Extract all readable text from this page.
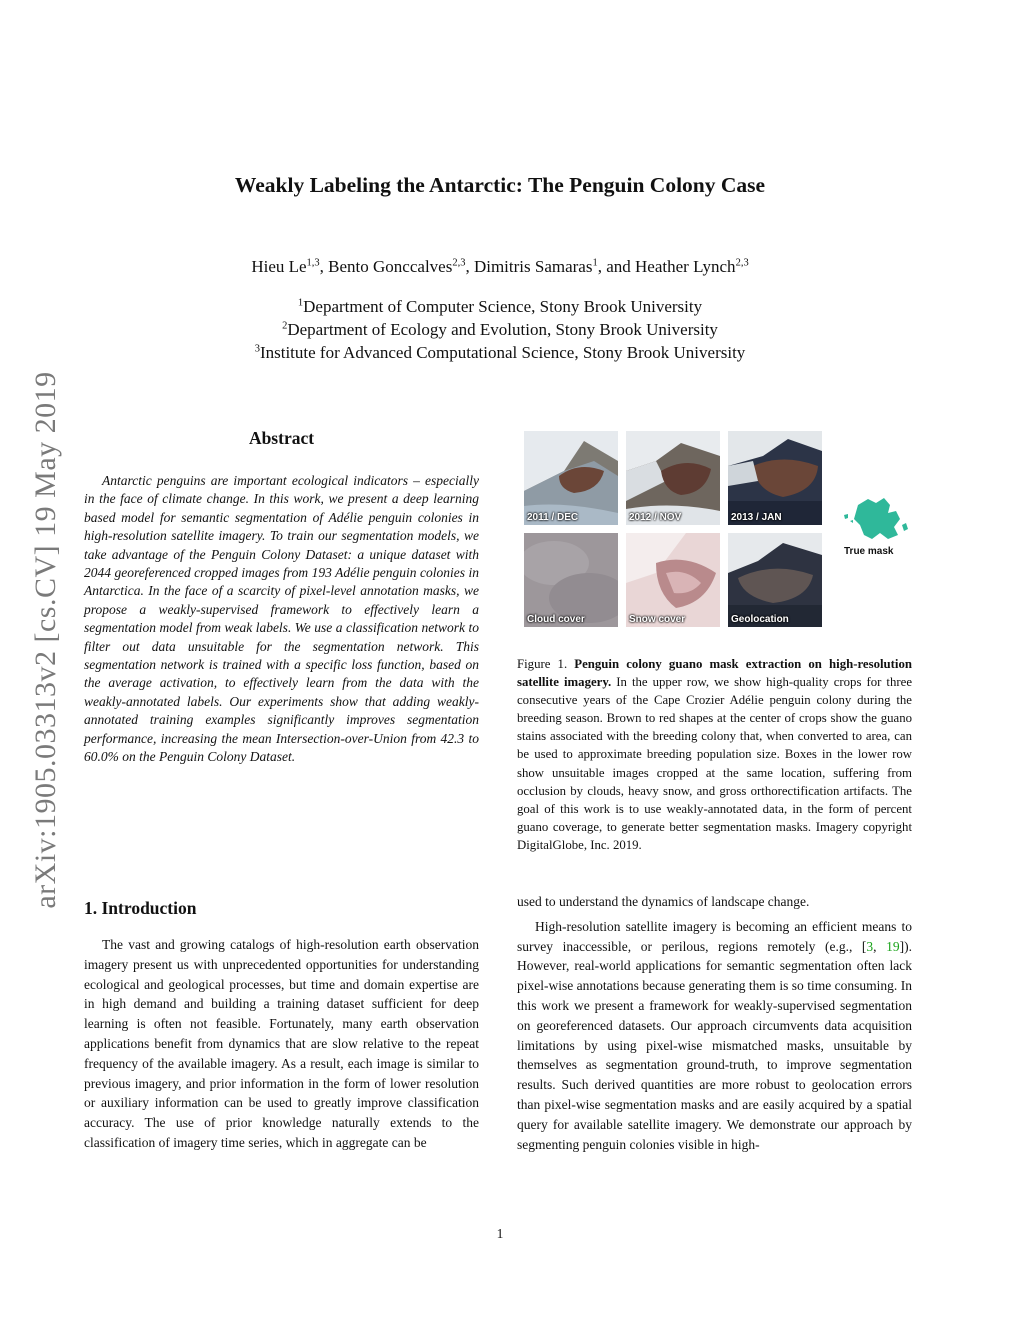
arXiv:1905.03313v2 [cs.CV] 19 May 2019
Weakly Labeling the Antarctic: The Penguin Colony Case
Hieu Le$^{1,3}$, Bento Gonccalves$^{2,3}$, Dimitris Samaras$^1$, and Heather Lynch$^{2,3}$
$^1$Department of Computer Science, Stony Brook University
$^2$Department of Ecology and Evolution, Stony Brook University
$^3$Institute for Advanced Computational Science, Stony Brook University
Abstract
Antarctic penguins are important ecological indicators – especially in the face of climate change. In this work, we present a deep learning based model for semantic segmentation of Adélie penguin colonies in high-resolution satellite imagery. To train our segmentation models, we take advantage of the Penguin Colony Dataset: a unique dataset with 2044 georeferenced cropped images from 193 Adélie penguin colonies in Antarctica. In the face of a scarcity of pixel-level annotation masks, we propose a weakly-supervised framework to effectively learn a segmentation model from weak labels. We use a classification network to filter out data unsuitable for the segmentation network. This segmentation network is trained with a specific loss function, based on the average activation, to effectively learn from the data with the weakly-annotated labels. Our experiments show that adding weakly-annotated training examples significantly improves segmentation performance, increasing the mean Intersection-over-Union from 42.3 to 60.0% on the Penguin Colony Dataset.
1. Introduction
The vast and growing catalogs of high-resolution earth observation imagery present us with unprecedented opportunities for understanding ecological and geological processes, but time and domain expertise are in high demand and building a training dataset sufficient for deep learning is often not feasible. Fortunately, many earth observation applications benefit from dynamics that are slow relative to the repeat frequency of the available imagery. As a result, each image is similar to previous imagery, and prior information in the form of lower resolution or auxiliary information can be used to greatly improve classification accuracy. The use of prior knowledge naturally extends to the classification of imagery time series, which in aggregate can be
2011 / DEC	2012 / NOV	2013 / JAN
Cloud cover	Snow cover	Geolocation
True mask
Figure 1. Penguin colony guano mask extraction on high-resolution satellite imagery. In the upper row, we show high-quality crops for three consecutive years of the Cape Crozier Adélie penguin colony during the breeding season. Brown to red shapes at the center of crops show the guano stains associated with the breeding colony that, when converted to area, can be used to approximate breeding population size. Boxes in the lower row show unsuitable images cropped at the same location, suffering from occlusion by clouds, heavy snow, and gross orthorectification artifacts. The goal of this work is to use weakly-annotated data, in the form of percent guano coverage, to generate better segmentation masks. Imagery copyright DigitalGlobe, Inc. 2019.

used to understand the dynamics of landscape change.

High-resolution satellite imagery is becoming an efficient means to survey inaccessible, or perilous, regions remotely (e.g., [3, 19]). However, real-world applications for semantic segmentation often lack pixel-wise annotations because generating them is so time consuming. In this work we present a framework for weakly-supervised segmentation on georeferenced datasets. Our approach circumvents data acquisition limitations by using pixel-wise mismatched masks, unsuitable by themselves as segmentation ground-truth, to improve segmentation results. Such derived quantities are more robust to geolocation errors than pixel-wise segmentation masks and are easily acquired by a spatial query for available satellite imagery. We demonstrate our approach by segmenting penguin colonies visible in high-

1
